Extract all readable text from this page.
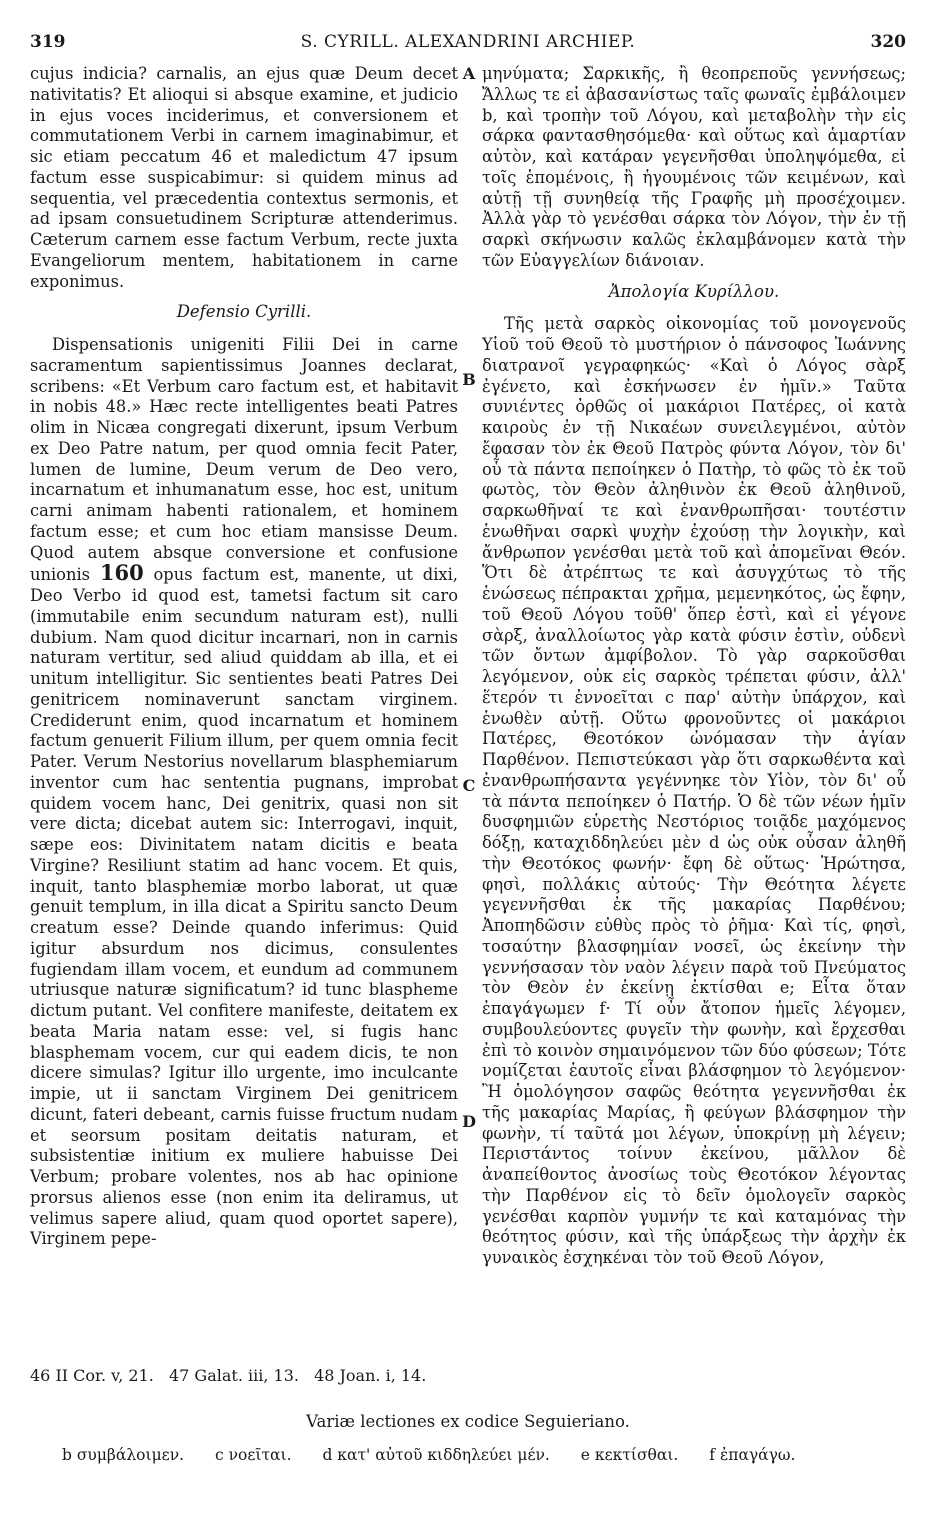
319	S. CYRILL. ALEXANDRINI ARCHIEP.	320

cujus indicia? carnalis, an ejus quæ Deum decet nativitatis? Et alioqui si absque examine, et judicio in ejus voces inciderimus, et conversionem et commutationem Verbi in carnem imaginabimur, et sic etiam peccatum 46 et maledictum 47 ipsum factum esse suspicabimur: si quidem minus ad sequentia, vel præcedentia contextus sermonis, et ad ipsam consuetudinem Scripturæ attenderimus. Cæterum carnem esse factum Verbum, recte juxta Evangeliorum mentem, habitationem in carne exponimus.

Defensio Cyrilli.

Dispensationis unigeniti Filii Dei in carne sacramentum sapientissimus Joannes declarat, scribens: «Et Verbum caro factum est, et habitavit in nobis 48.» Hæc recte intelligentes beati Patres olim in Nicæa congregati dixerunt, ipsum Verbum ex Deo Patre natum, per quod omnia fecit Pater, lumen de lumine, Deum verum de Deo vero, incarnatum et inhumanatum esse, hoc est, unitum carni animam habenti rationalem, et hominem factum esse; et cum hoc etiam mansisse Deum. Quod autem absque conversione et confusione unionis 160 opus factum est, manente, ut dixi, Deo Verbo id quod est, tametsi factum sit caro (immutabile enim secundum naturam est), nulli dubium. Nam quod dicitur incarnari, non in carnis naturam vertitur, sed aliud quiddam ab illa, et ei unitum intelligitur. Sic sentientes beati Patres Dei genitricem nominaverunt sanctam virginem. Crediderunt enim, quod incarnatum et hominem factum genuerit Filium illum, per quem omnia fecit Pater. Verum Nestorius novellarum blasphemiarum inventor cum hac sententia pugnans, improbat quidem vocem hanc, Dei genitrix, quasi non sit vere dicta; dicebat autem sic: Interrogavi, inquit, sæpe eos: Divinitatem natam dicitis e beata Virgine? Resiliunt statim ad hanc vocem. Et quis, inquit, tanto blasphemiæ morbo laborat, ut quæ genuit templum, in illa dicat a Spiritu sancto Deum creatum esse? Deinde quando inferimus: Quid igitur absurdum nos dicimus, consulentes fugiendam illam vocem, et eundum ad communem utriusque naturæ significatum? id tunc blaspheme dictum putant. Vel confitere manifeste, deitatem ex beata Maria natam esse: vel, si fugis hanc blasphemam vocem, cur qui eadem dicis, te non dicere simulas? Igitur illo urgente, imo inculcante impie, ut ii sanctam Virginem Dei genitricem dicunt, fateri debeant, carnis fuisse fructum nudam et seorsum positam deitatis naturam, et subsistentiæ initium ex muliere habuisse Dei Verbum; probare volentes, nos ab hac opinione prorsus alienos esse (non enim ita deliramus, ut velimus sapere aliud, quam quod oportet sapere), Virginem pepe-

A
B
C
D

μηνύματα; Σαρκικῆς, ἢ θεοπρεποῦς γεννήσεως; Ἄλλως τε εἰ ἀβασανίστως ταῖς φωναῖς ἐμβάλοιμεν b, καὶ τροπὴν τοῦ Λόγου, καὶ μεταβολὴν τὴν εἰς σάρκα φαντασθησόμεθα· καὶ οὕτως καὶ ἁμαρτίαν αὐτὸν, καὶ κατάραν γεγενῆσθαι ὑποληψόμεθα, εἰ τοῖς ἑπομένοις, ἢ ἡγουμένοις τῶν κειμένων, καὶ αὐτῇ τῇ συνηθείᾳ τῆς Γραφῆς μὴ προσέχοιμεν. Ἀλλὰ γὰρ τὸ γενέσθαι σάρκα τὸν Λόγον, τὴν ἐν τῇ σαρκὶ σκήνωσιν καλῶς ἐκλαμβάνομεν κατὰ τὴν τῶν Εὐαγγελίων διάνοιαν.

Ἀπολογία Κυρίλλου.

Τῆς μετὰ σαρκὸς οἰκονομίας τοῦ μονογενοῦς Υἱοῦ τοῦ Θεοῦ τὸ μυστήριον ὁ πάνσοφος Ἰωάννης διατρανοῖ γεγραφηκώς· «Καὶ ὁ Λόγος σὰρξ ἐγένετο, καὶ ἐσκήνωσεν ἐν ἡμῖν.» Ταῦτα συνιέντες ὀρθῶς οἱ μακάριοι Πατέρες, οἱ κατὰ καιροὺς ἐν τῇ Νικαέων συνειλεγμένοι, αὐτὸν ἔφασαν τὸν ἐκ Θεοῦ Πατρὸς φύντα Λόγον, τὸν δι' οὗ τὰ πάντα πεποίηκεν ὁ Πατὴρ, τὸ φῶς τὸ ἐκ τοῦ φωτὸς, τὸν Θεὸν ἀληθινὸν ἐκ Θεοῦ ἀληθινοῦ, σαρκωθῆναί τε καὶ ἐνανθρωπῆσαι· τουτέστιν ἑνωθῆναι σαρκὶ ψυχὴν ἐχούσῃ τὴν λογικὴν, καὶ ἄνθρωπον γενέσθαι μετὰ τοῦ καὶ ἀπομεῖναι Θεόν. Ὅτι δὲ ἀτρέπτως τε καὶ ἀσυγχύτως τὸ τῆς ἑνώσεως πέπρακται χρῆμα, μεμενηκότος, ὡς ἔφην, τοῦ Θεοῦ Λόγου τοῦθ' ὅπερ ἐστὶ, καὶ εἰ γέγονε σὰρξ, ἀναλλοίωτος γὰρ κατὰ φύσιν ἐστὶν, οὐδενὶ τῶν ὄντων ἀμφίβολον. Τὸ γὰρ σαρκοῦσθαι λεγόμενον, οὐκ εἰς σαρκὸς τρέπεται φύσιν, ἀλλ' ἕτερόν τι ἐννοεῖται c παρ' αὐτὴν ὑπάρχον, καὶ ἑνωθὲν αὐτῇ. Οὕτω φρονοῦντες οἱ μακάριοι Πατέρες, Θεοτόκον ὠνόμασαν τὴν ἁγίαν Παρθένον. Πεπιστεύκασι γὰρ ὅτι σαρκωθέντα καὶ ἐνανθρωπήσαντα γεγέννηκε τὸν Υἱὸν, τὸν δι' οὗ τὰ πάντα πεποίηκεν ὁ Πατήρ. Ὁ δὲ τῶν νέων ἡμῖν δυσφημιῶν εὑρετὴς Νεστόριος τοιᾷδε μαχόμενος δόξῃ, καταχιδδηλεύει μὲν d ὡς οὐκ οὖσαν ἀληθῆ τὴν Θεοτόκος φωνήν· ἔφη δὲ οὕτως· Ἠρώτησα, φησὶ, πολλάκις αὐτούς· Τὴν Θεότητα λέγετε γεγεννῆσθαι ἐκ τῆς μακαρίας Παρθένου; Ἀποπηδῶσιν εὐθὺς πρὸς τὸ ῥῆμα· Καὶ τίς, φησὶ, τοσαύτην βλασφημίαν νοσεῖ, ὡς ἐκείνην τὴν γεννήσασαν τὸν ναὸν λέγειν παρὰ τοῦ Πνεύματος τὸν Θεὸν ἐν ἐκείνῃ ἐκτίσθαι e; Εἶτα ὅταν ἐπαγάγωμεν f· Τί οὖν ἄτοπον ἡμεῖς λέγομεν, συμβουλεύοντες φυγεῖν τὴν φωνὴν, καὶ ἔρχεσθαι ἐπὶ τὸ κοινὸν σημαινόμενον τῶν δύο φύσεων; Τότε νομίζεται ἑαυτοῖς εἶναι βλάσφημον τὸ λεγόμενον· Ἢ ὁμολόγησον σαφῶς θεότητα γεγεννῆσθαι ἐκ τῆς μακαρίας Μαρίας, ἢ φεύγων βλάσφημον τὴν φωνὴν, τί ταῦτά μοι λέγων, ὑποκρίνῃ μὴ λέγειν; Περιστάντος τοίνυν ἐκείνου, μᾶλλον δὲ ἀναπείθοντος ἀνοσίως τοὺς Θεοτόκον λέγοντας τὴν Παρθένον εἰς τὸ δεῖν ὁμολογεῖν σαρκὸς γενέσθαι καρπὸν γυμνήν τε καὶ καταμόνας τὴν θεότητος φύσιν, καὶ τῆς ὑπάρξεως τὴν ἀρχὴν ἐκ γυναικὸς ἐσχηκέναι τὸν τοῦ Θεοῦ Λόγον,

46 II Cor. v, 21. 47 Galat. iii, 13. 48 Joan. i, 14.
Variæ lectiones ex codice Seguieriano.
b συμβάλοιμεν. c νοεῖται. d κατ' αὐτοῦ κιδδηλεύει μέν. e κεκτίσθαι. f ἐπαγάγω.
